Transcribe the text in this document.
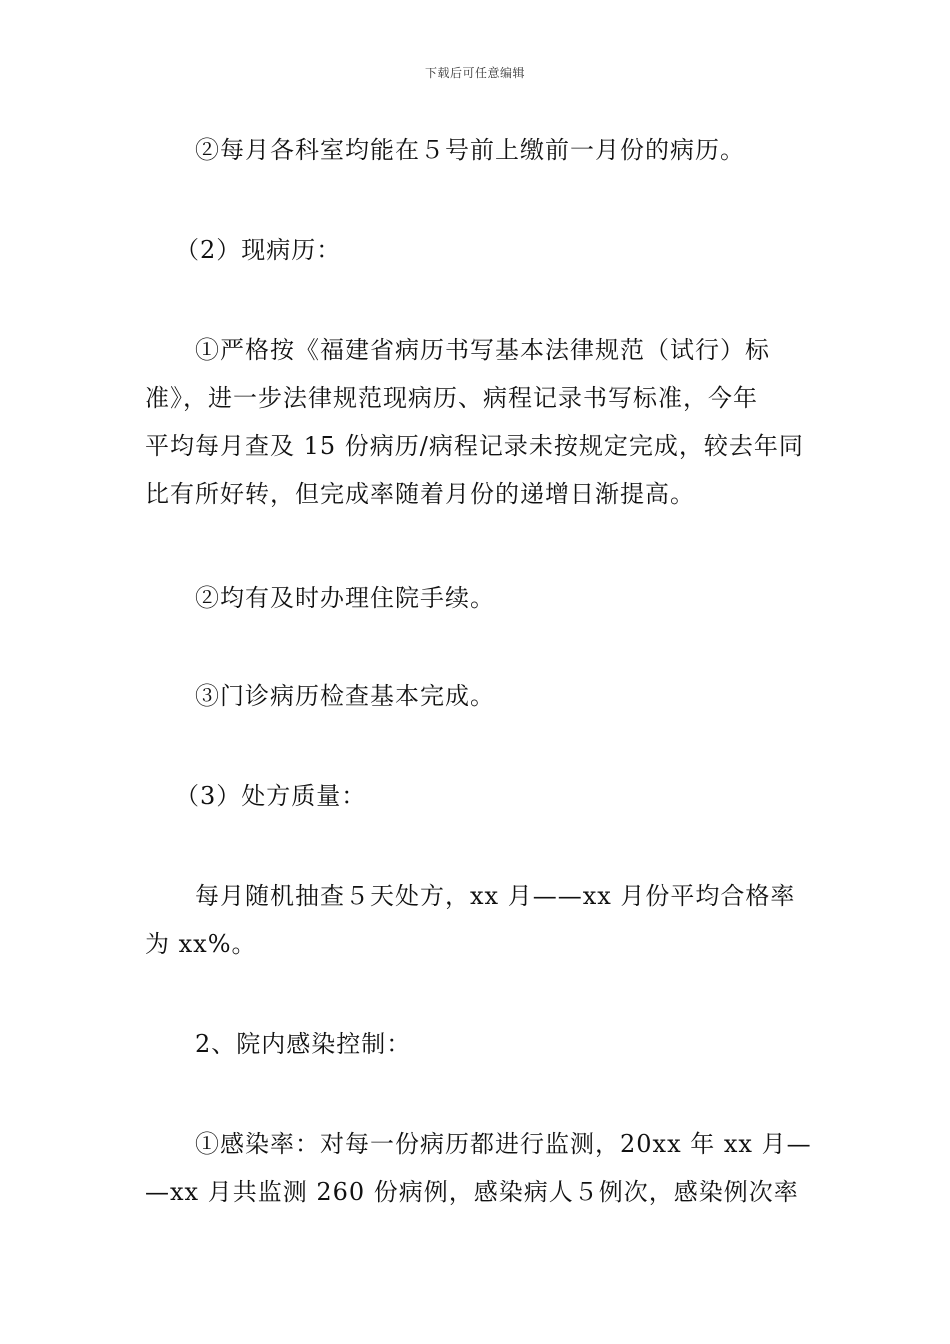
下载后可任意编辑
②每月各科室均能在５号前上缴前一月份的病历。
（2）现病历：
①严格按《福建省病历书写基本法律规范（试行）标
准》，进一步法律规范现病历、病程记录书写标准，今年
平均每月查及 15 份病历/病程记录未按规定完成，较去年同
比有所好转，但完成率随着月份的递增日渐提高。
②均有及时办理住院手续。
③门诊病历检查基本完成。
（3）处方质量：
每月随机抽查５天处方，xx 月——xx 月份平均合格率
为 xx%。
2、院内感染控制：
①感染率：对每一份病历都进行监测，20xx 年 xx 月—
—xx 月共监测 260 份病例，感染病人５例次，感染例次率
